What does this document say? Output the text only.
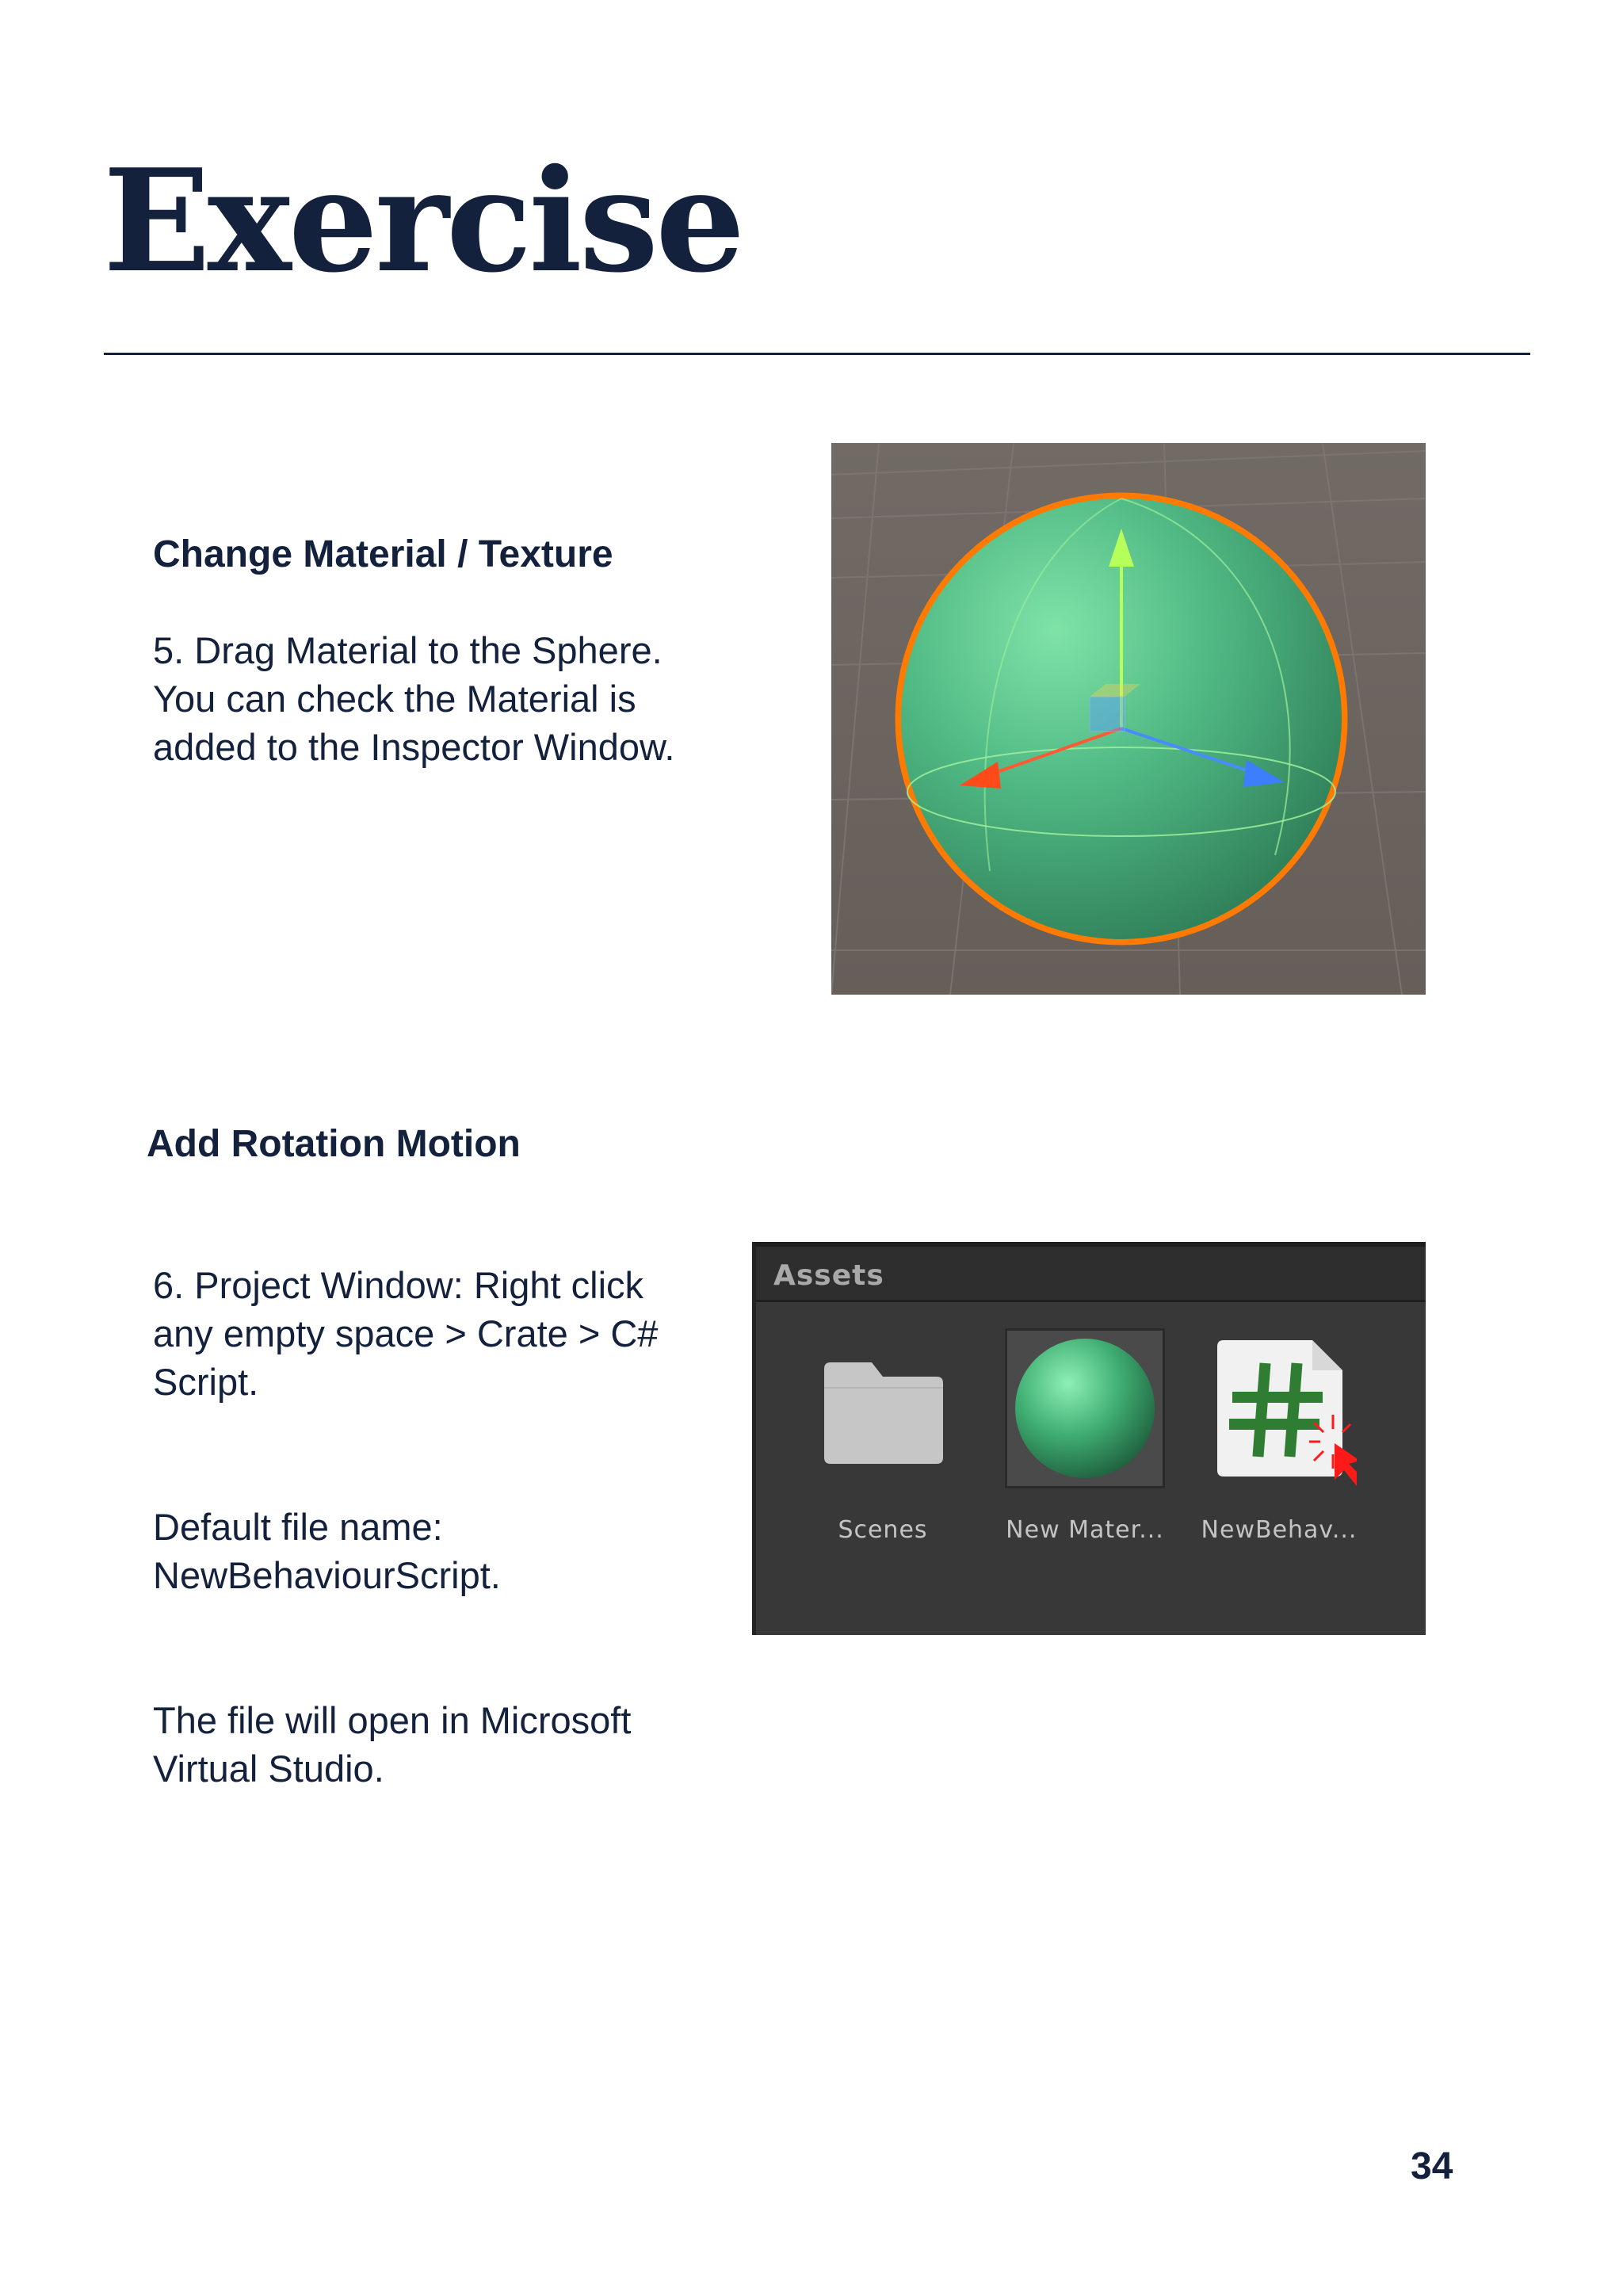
Exercise
Change Material / Texture

5. Drag Material to the Sphere.
You can check the Material is
added to the Inspector Window.

Add Rotation Motion

6. Project Window: Right click
any empty space > Crate > C#
Script.

Default file name:
NewBehaviourScript.

The file will open in Microsoft
Virtual Studio.

Assets
Scenes	New Mater... NewBehav...
34
